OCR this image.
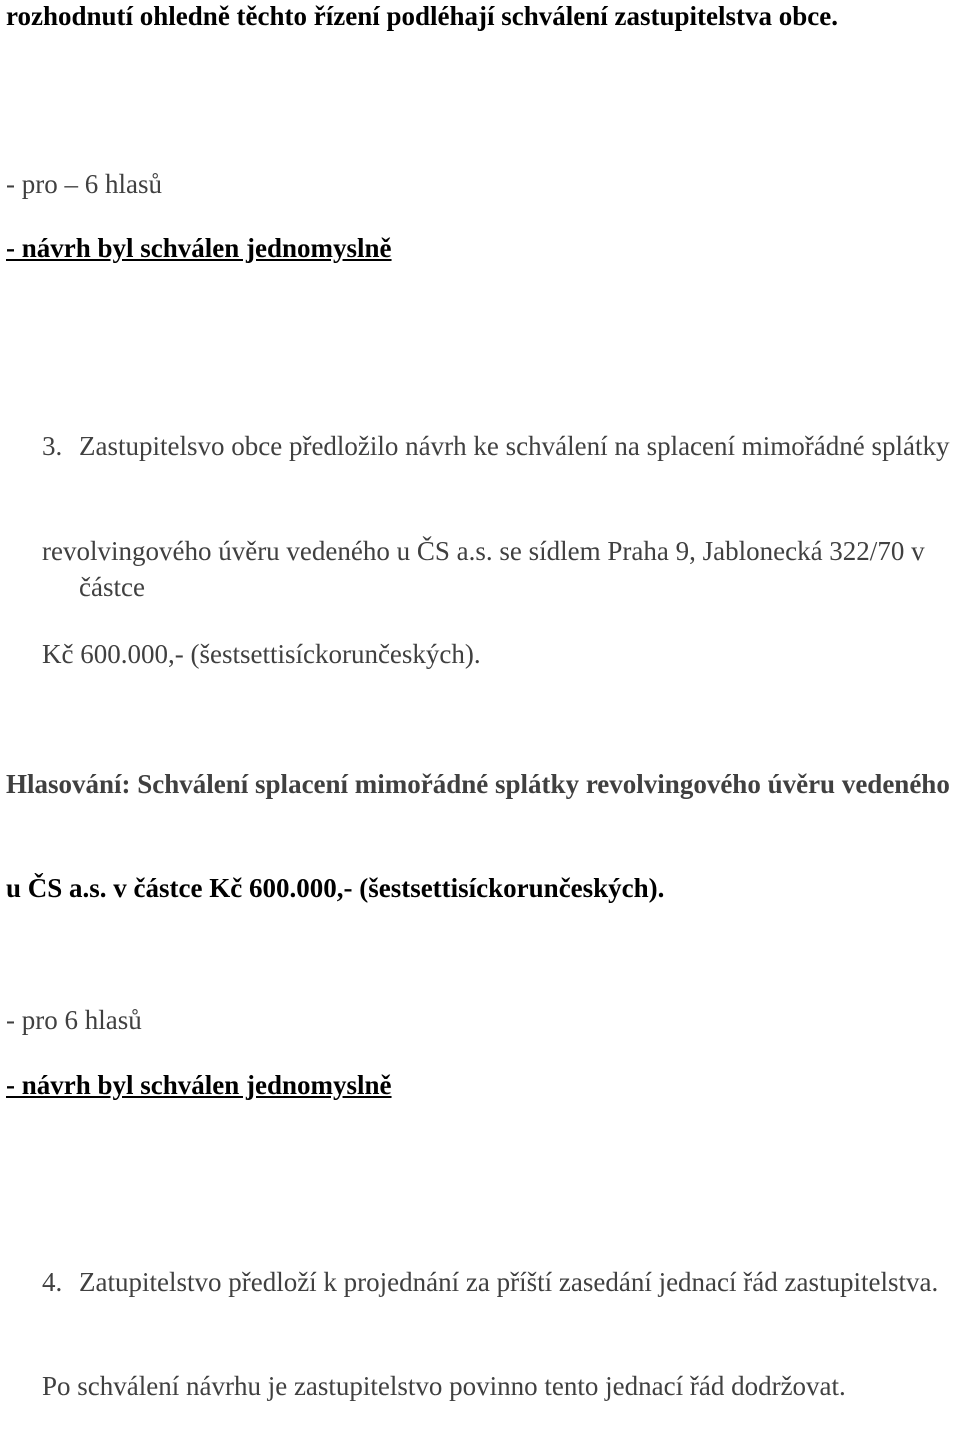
rozhodnutí ohledně těchto řízení podléhají schválení zastupitelstva obce.

- pro – 6 hlasů

- návrh byl schválen jednomyslně

3. Zastupitelsvo obce předložilo návrh ke schválení na splacení mimořádné splátky
revolvingového úvěru vedeného u ČS a.s. se sídlem Praha 9, Jablonecká 322/70 v částce

Kč 600.000,- (šestsettisíckorunčeských).

Hlasování: Schválení splacení mimořádné splátky revolvingového úvěru vedeného

u ČS a.s. v částce Kč 600.000,- (šestsettisíckorunčeských).

- pro 6 hlasů

- návrh byl schválen jednomyslně

4. Zatupitelstvo předloží k projednání za příští zasedání jednací řád zastupitelstva.
Po schválení návrhu je zastupitelstvo povinno tento jednací řád dodržovat.
